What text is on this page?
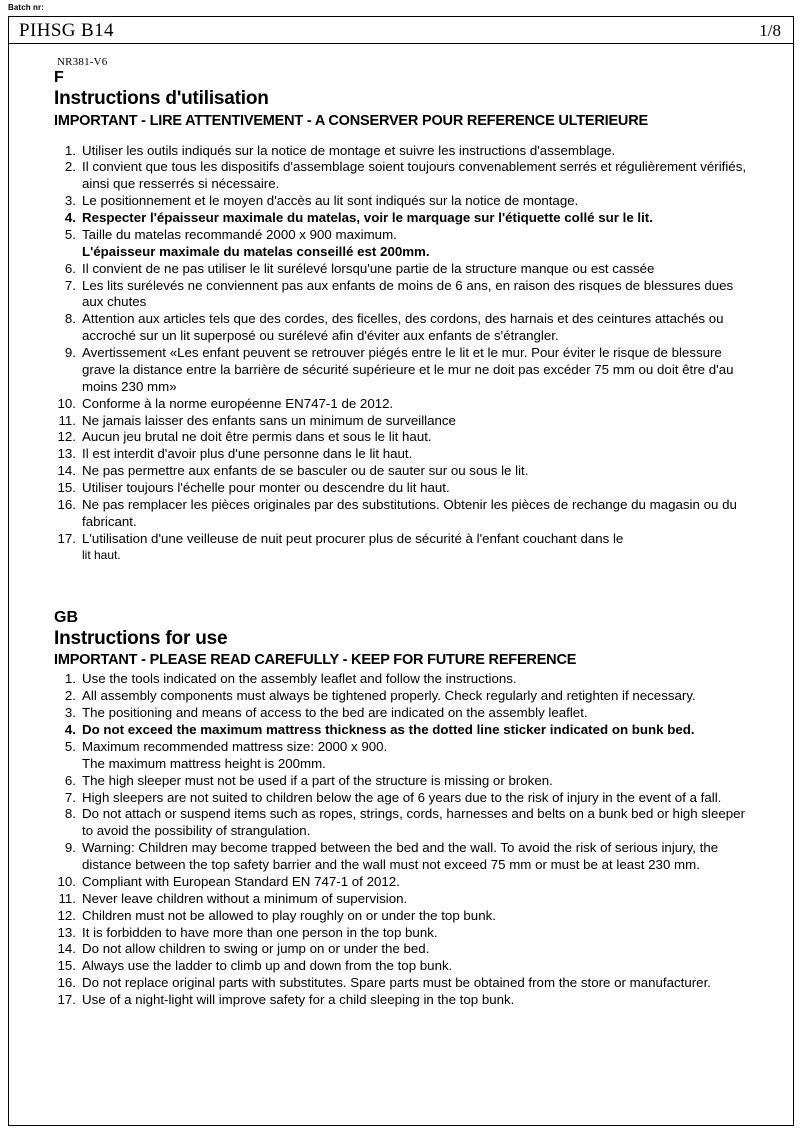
Batch nr:
PIHSG B14	1/8
NR381-V6
F
Instructions d'utilisation
IMPORTANT - LIRE ATTENTIVEMENT - A CONSERVER POUR REFERENCE ULTERIEURE
1. Utiliser les outils indiqués sur la notice de montage et suivre les instructions d'assemblage.
2. Il convient que tous les dispositifs d'assemblage soient toujours convenablement serrés et régulièrement vérifiés, ainsi que resserrés si nécessaire.
3. Le positionnement et le moyen d'accès au lit sont indiqués sur la notice de montage.
4. Respecter l'épaisseur maximale du matelas, voir le marquage sur l'étiquette collé sur le lit.
5. Taille du matelas recommandé 2000 x 900 maximum.
L'épaisseur maximale du matelas conseillé est 200mm.
6. Il convient de ne pas utiliser le lit surélevé lorsqu'une partie de la structure manque ou est cassée
7. Les lits surélevés ne conviennent pas aux enfants de moins de 6 ans, en raison des risques de blessures dues aux chutes
8. Attention aux articles tels que des cordes, des ficelles, des cordons, des harnais et des ceintures attachés ou accroché sur un lit superposé ou surélevé afin d'éviter aux enfants de s'étrangler.
9. Avertissement «Les enfant peuvent se retrouver piégés entre le lit et le mur. Pour éviter le risque de blessure grave la distance entre la barrière de sécurité supérieure et le mur ne doit pas excéder 75 mm ou doit être d'au moins 230 mm»
10. Conforme à la norme européenne EN747-1 de 2012.
11. Ne jamais laisser des enfants sans un minimum de surveillance
12. Aucun jeu brutal ne doit être permis dans et sous le lit haut.
13. Il est interdit d'avoir plus d'une personne dans le lit haut.
14. Ne pas permettre aux enfants de se basculer ou de sauter sur ou sous le lit.
15. Utiliser toujours l'échelle pour monter ou descendre du lit haut.
16. Ne pas remplacer les pièces originales par des substitutions. Obtenir les pièces de rechange du magasin ou du fabricant.
17. L'utilisation d'une veilleuse de nuit peut procurer plus de sécurité à l'enfant couchant dans le
lit haut.
GB
Instructions for use
IMPORTANT - PLEASE READ CAREFULLY - KEEP FOR FUTURE REFERENCE
1. Use the tools indicated on the assembly leaflet and follow the instructions.
2. All assembly components must always be tightened properly. Check regularly and retighten if necessary.
3. The positioning and means of access to the bed are indicated on the assembly leaflet.
4. Do not exceed the maximum mattress thickness as the dotted line sticker indicated on bunk bed.
5. Maximum recommended mattress size: 2000 x 900.
The maximum mattress height is 200mm.
6. The high sleeper must not be used if a part of the structure is missing or broken.
7. High sleepers are not suited to children below the age of 6 years due to the risk of injury in the event of a fall.
8. Do not attach or suspend items such as ropes, strings, cords, harnesses and belts on a bunk bed or high sleeper to avoid the possibility of strangulation.
9. Warning: Children may become trapped between the bed and the wall. To avoid the risk of serious injury, the distance between the top safety barrier and the wall must not exceed 75 mm or must be at least 230 mm.
10. Compliant with European Standard EN 747-1 of 2012.
11. Never leave children without a minimum of supervision.
12. Children must not be allowed to play roughly on or under the top bunk.
13. It is forbidden to have more than one person in the top bunk.
14. Do not allow children to swing or jump on or under the bed.
15. Always use the ladder to climb up and down from the top bunk.
16. Do not replace original parts with substitutes. Spare parts must be obtained from the store or manufacturer.
17. Use of a night-light will improve safety for a child sleeping in the top bunk.
